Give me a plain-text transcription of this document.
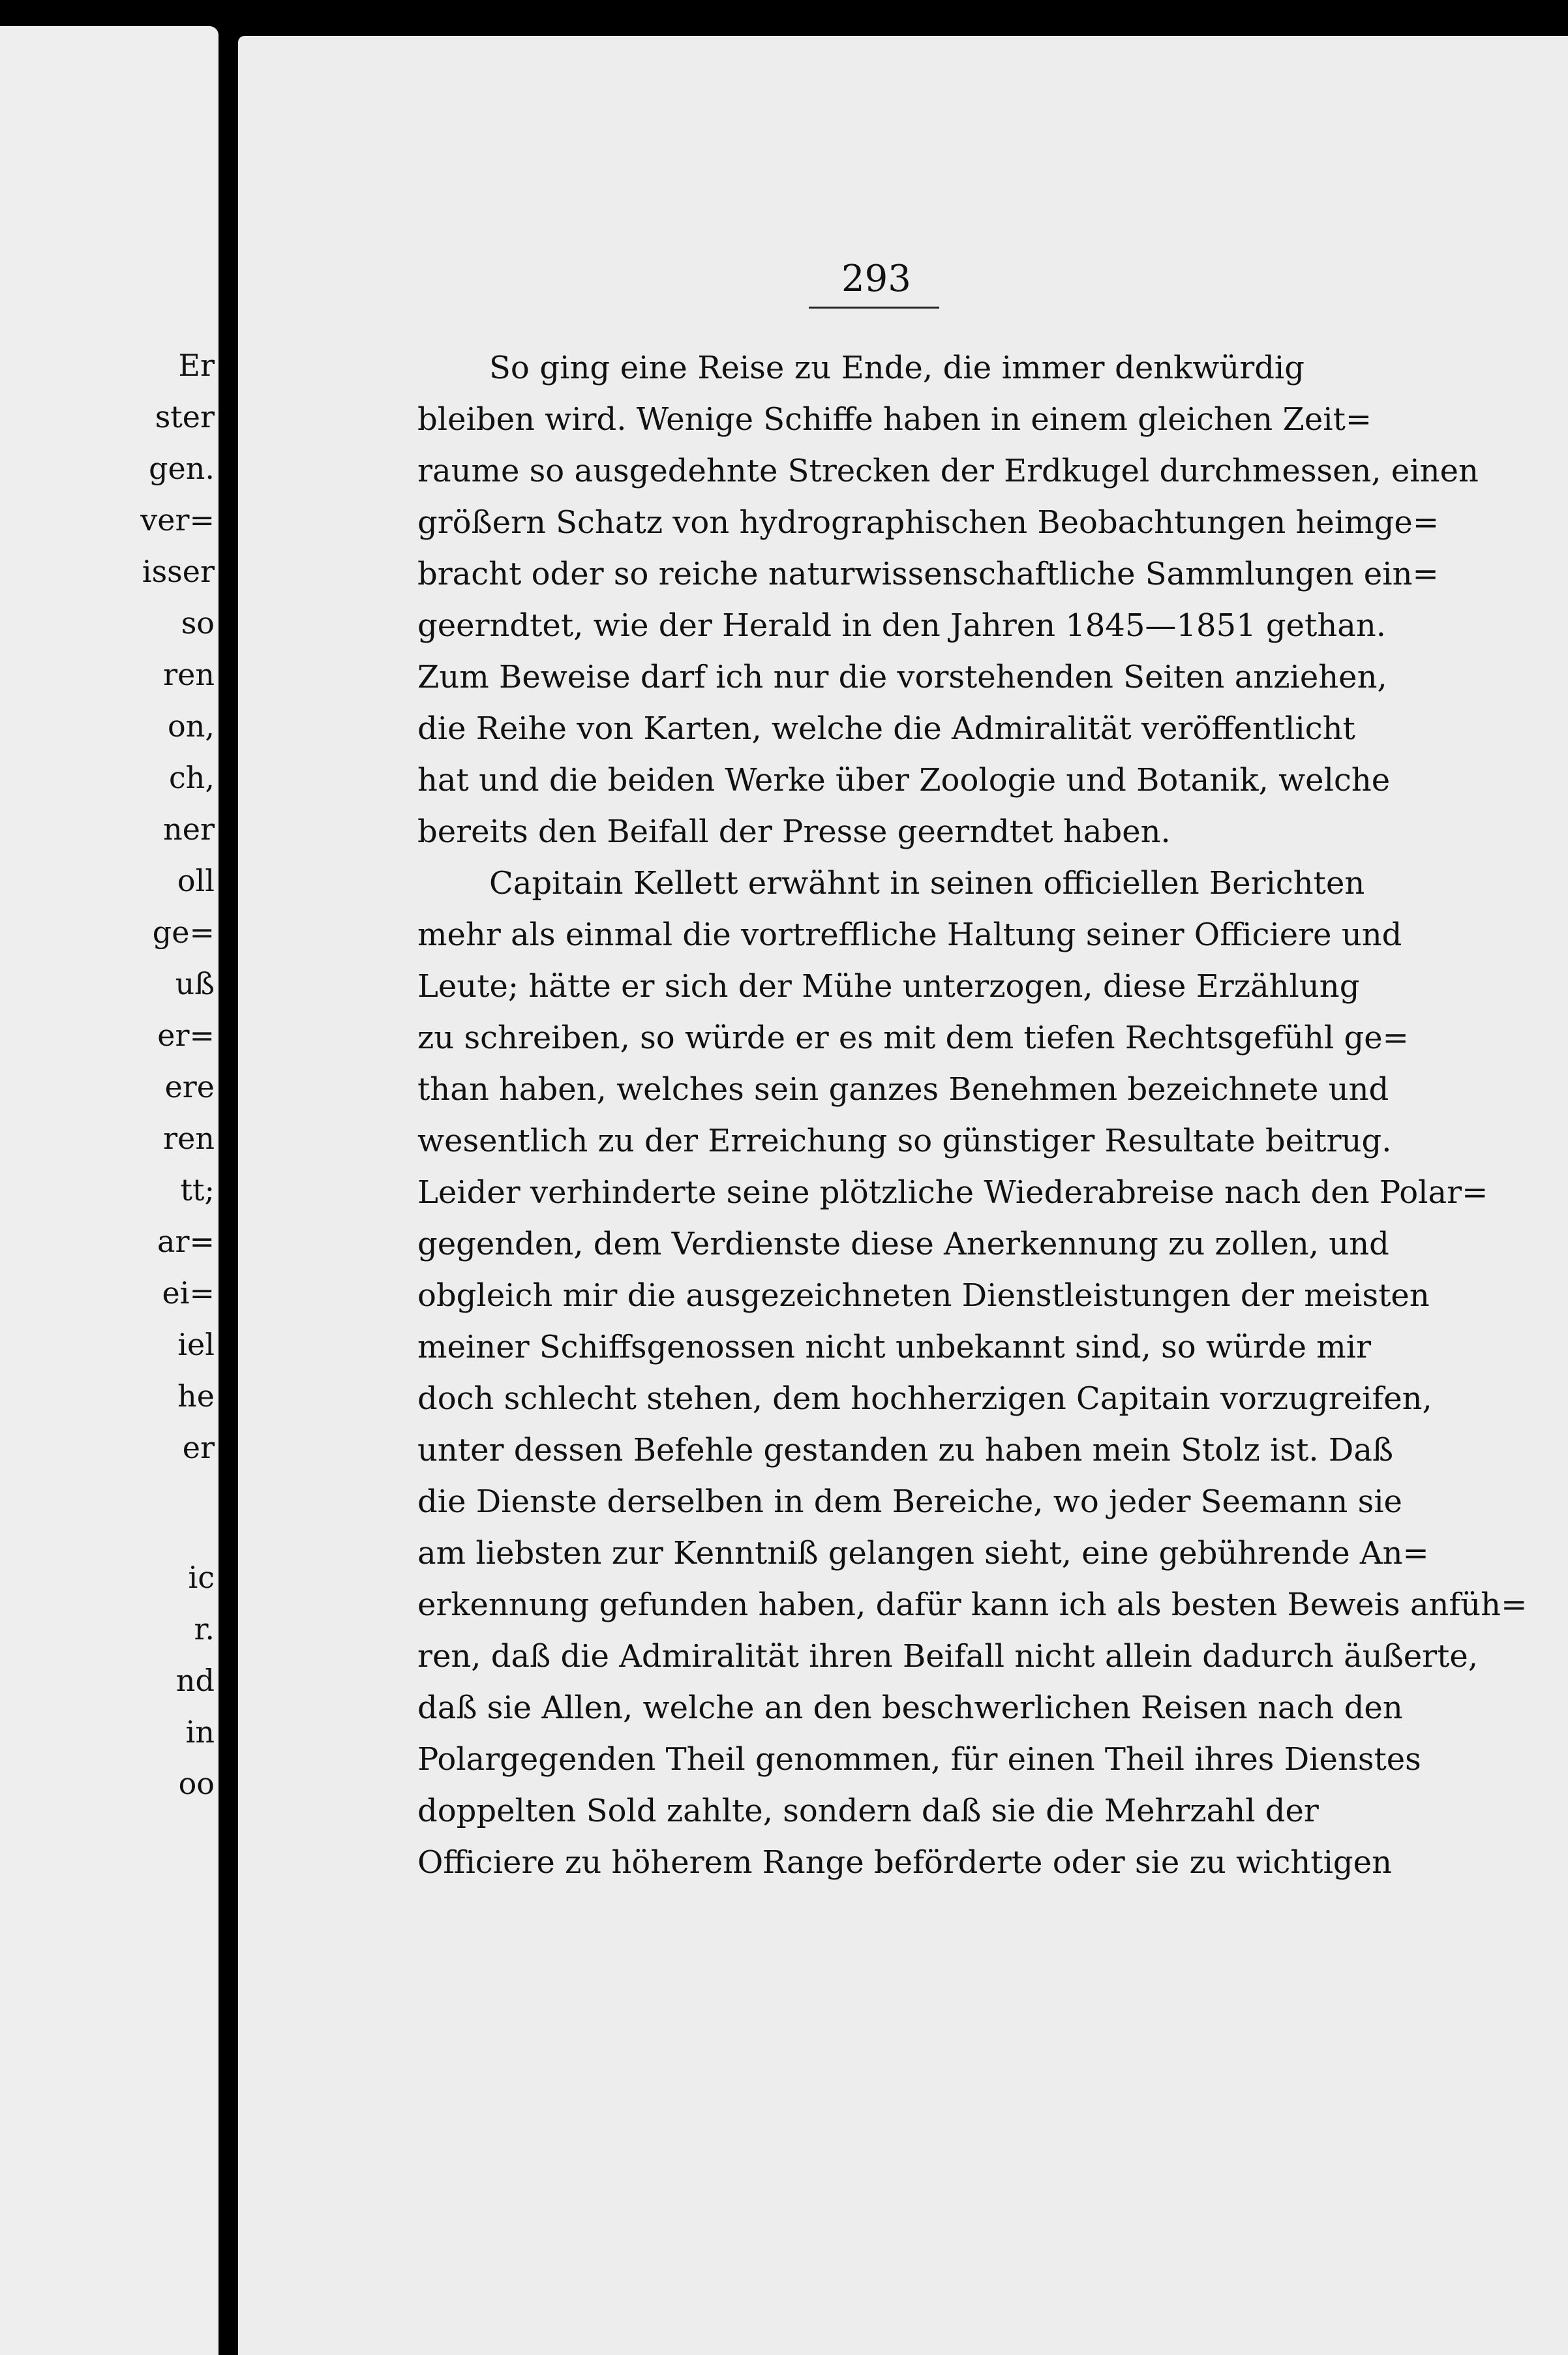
Er
ster
gen.
ver=
isser
so
ren
on,
ch,
ner
oll
ge=
uß
er=
ere
ren
tt;
ar=
ei=
iel
he
er
ic
r.
nd
in
oo
293
So ging eine Reise zu Ende, die immer denkwürdig
bleiben wird. Wenige Schiffe haben in einem gleichen Zeit=
raume so ausgedehnte Strecken der Erdkugel durchmessen, einen
größern Schatz von hydrographischen Beobachtungen heimge=
bracht oder so reiche naturwissenschaftliche Sammlungen ein=
geerndtet, wie der Herald in den Jahren 1845—1851 gethan.
Zum Beweise darf ich nur die vorstehenden Seiten anziehen,
die Reihe von Karten, welche die Admiralität veröffentlicht
hat und die beiden Werke über Zoologie und Botanik, welche
bereits den Beifall der Presse geerndtet haben.
Capitain Kellett erwähnt in seinen officiellen Berichten
mehr als einmal die vortreffliche Haltung seiner Officiere und
Leute; hätte er sich der Mühe unterzogen, diese Erzählung
zu schreiben, so würde er es mit dem tiefen Rechtsgefühl ge=
than haben, welches sein ganzes Benehmen bezeichnete und
wesentlich zu der Erreichung so günstiger Resultate beitrug.
Leider verhinderte seine plötzliche Wiederabreise nach den Polar=
gegenden, dem Verdienste diese Anerkennung zu zollen, und
obgleich mir die ausgezeichneten Dienstleistungen der meisten
meiner Schiffsgenossen nicht unbekannt sind, so würde mir
doch schlecht stehen, dem hochherzigen Capitain vorzugreifen,
unter dessen Befehle gestanden zu haben mein Stolz ist. Daß
die Dienste derselben in dem Bereiche, wo jeder Seemann sie
am liebsten zur Kenntniß gelangen sieht, eine gebührende An=
erkennung gefunden haben, dafür kann ich als besten Beweis anfüh=
ren, daß die Admiralität ihren Beifall nicht allein dadurch äußerte,
daß sie Allen, welche an den beschwerlichen Reisen nach den
Polargegenden Theil genommen, für einen Theil ihres Dienstes
doppelten Sold zahlte, sondern daß sie die Mehrzahl der
Officiere zu höherem Range beförderte oder sie zu wichtigen
